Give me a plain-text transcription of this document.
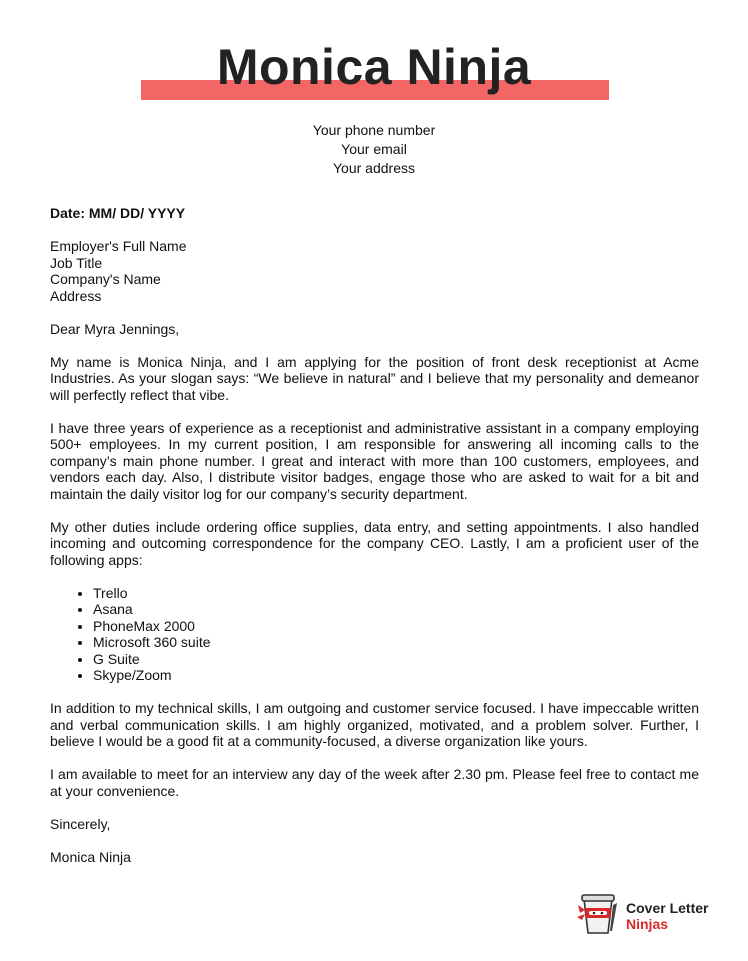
Monica Ninja
Your phone number
Your email
Your address

Date: MM/ DD/ YYYY

Employer's Full Name
Job Title
Company's Name
Address

Dear Myra Jennings,

My name is Monica Ninja, and I am applying for the position of front desk receptionist at Acme Industries. As your slogan says: “We believe in natural” and I believe that my personality and demeanor will perfectly reflect that vibe.

I have three years of experience as a receptionist and administrative assistant in a company employing 500+ employees. In my current position, I am responsible for answering all incoming calls to the company’s main phone number. I great and interact with more than 100 customers, employees, and vendors each day. Also, I distribute visitor badges, engage those who are asked to wait for a bit and maintain the daily visitor log for our company’s security department.

My other duties include ordering office supplies, data entry, and setting appointments. I also handled incoming and outcoming correspondence for the company CEO. Lastly, I am a proficient user of the following apps:

• Trello
• Asana
• PhoneMax 2000
• Microsoft 360 suite
• G Suite
• Skype/Zoom

In addition to my technical skills, I am outgoing and customer service focused. I have impeccable written and verbal communication skills. I am highly organized, motivated, and a problem solver. Further, I believe I would be a good fit at a community-focused, a diverse organization like yours.

I am available to meet for an interview any day of the week after 2.30 pm. Please feel free to contact me at your convenience.

Sincerely,

Monica Ninja

Cover Letter
Ninjas
